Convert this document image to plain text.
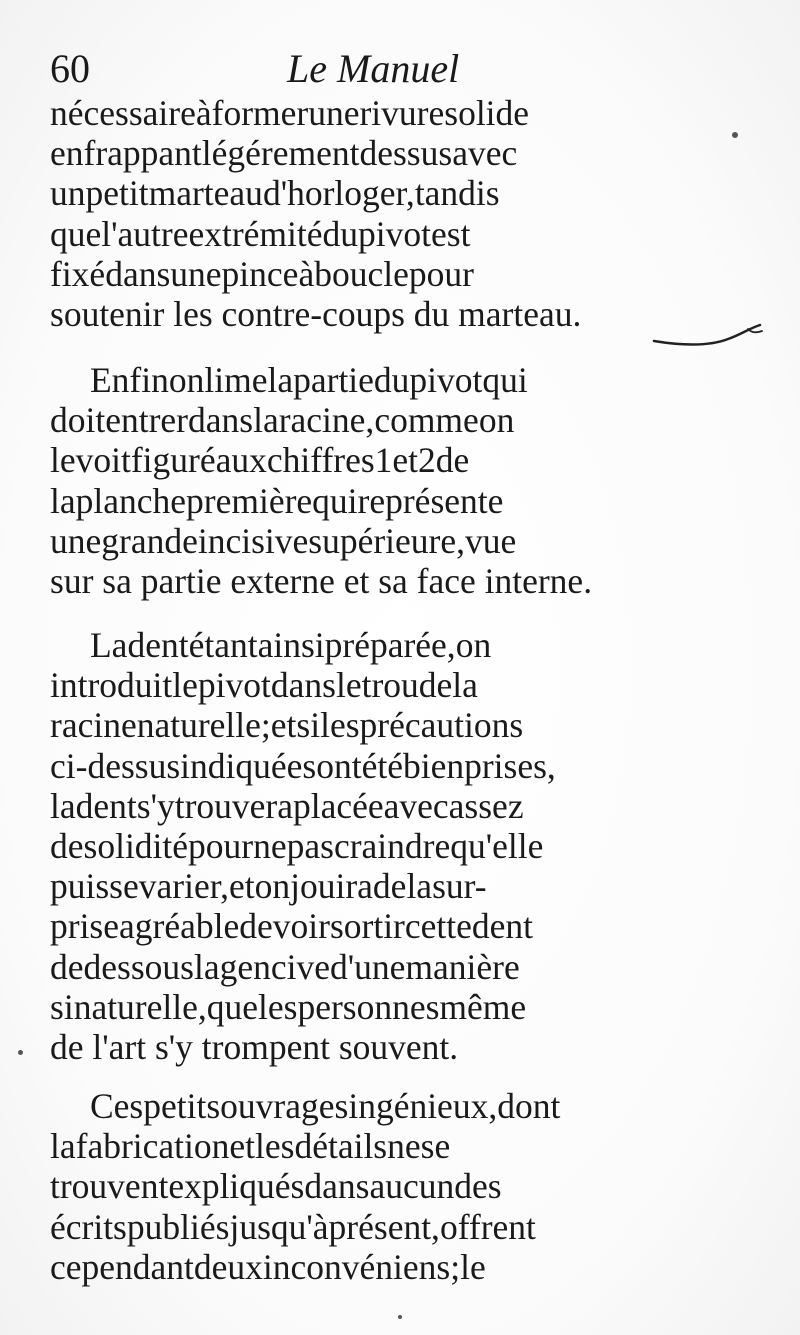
60	Le Manuel
nécessaireàformerunerivuresolide
enfrappantlégérementdessusavec
unpetitmarteaud'horloger,tandis
quel'autreextrémitédupivotest
fixédansunepinceàbouclepour
soutenir les contre-coups du marteau.
Enfinonlimelapartiedupivotqui
doitentrerdanslaracine,commeon
levoitfiguréauxchiffres1et2de
laplanchepremièrequireprésente
unegrandeincisivesupérieure,vue
sur sa partie externe et sa face interne.
Ladentétantainsipréparée,on
introduitlepivotdansletroudela
racinenaturelle;etsilesprécautions
ci-dessusindiquéesontétébienprises,
ladents'ytrouveraplacéeavecassez
desoliditépournepascraindrequ'elle
puissevarier,etonjouiradelasur-
priseagréabledevoirsortircettedent
dedessouslagencived'unemanière
sinaturelle,quelespersonnesmême
de l'art s'y trompent souvent.
Cespetitsouvragesingénieux,dont
lafabricationetlesdétailsnese
trouventexpliquésdansaucundes
écritspubliésjusqu'àprésent,offrent
cependantdeuxinconvéniens;le
